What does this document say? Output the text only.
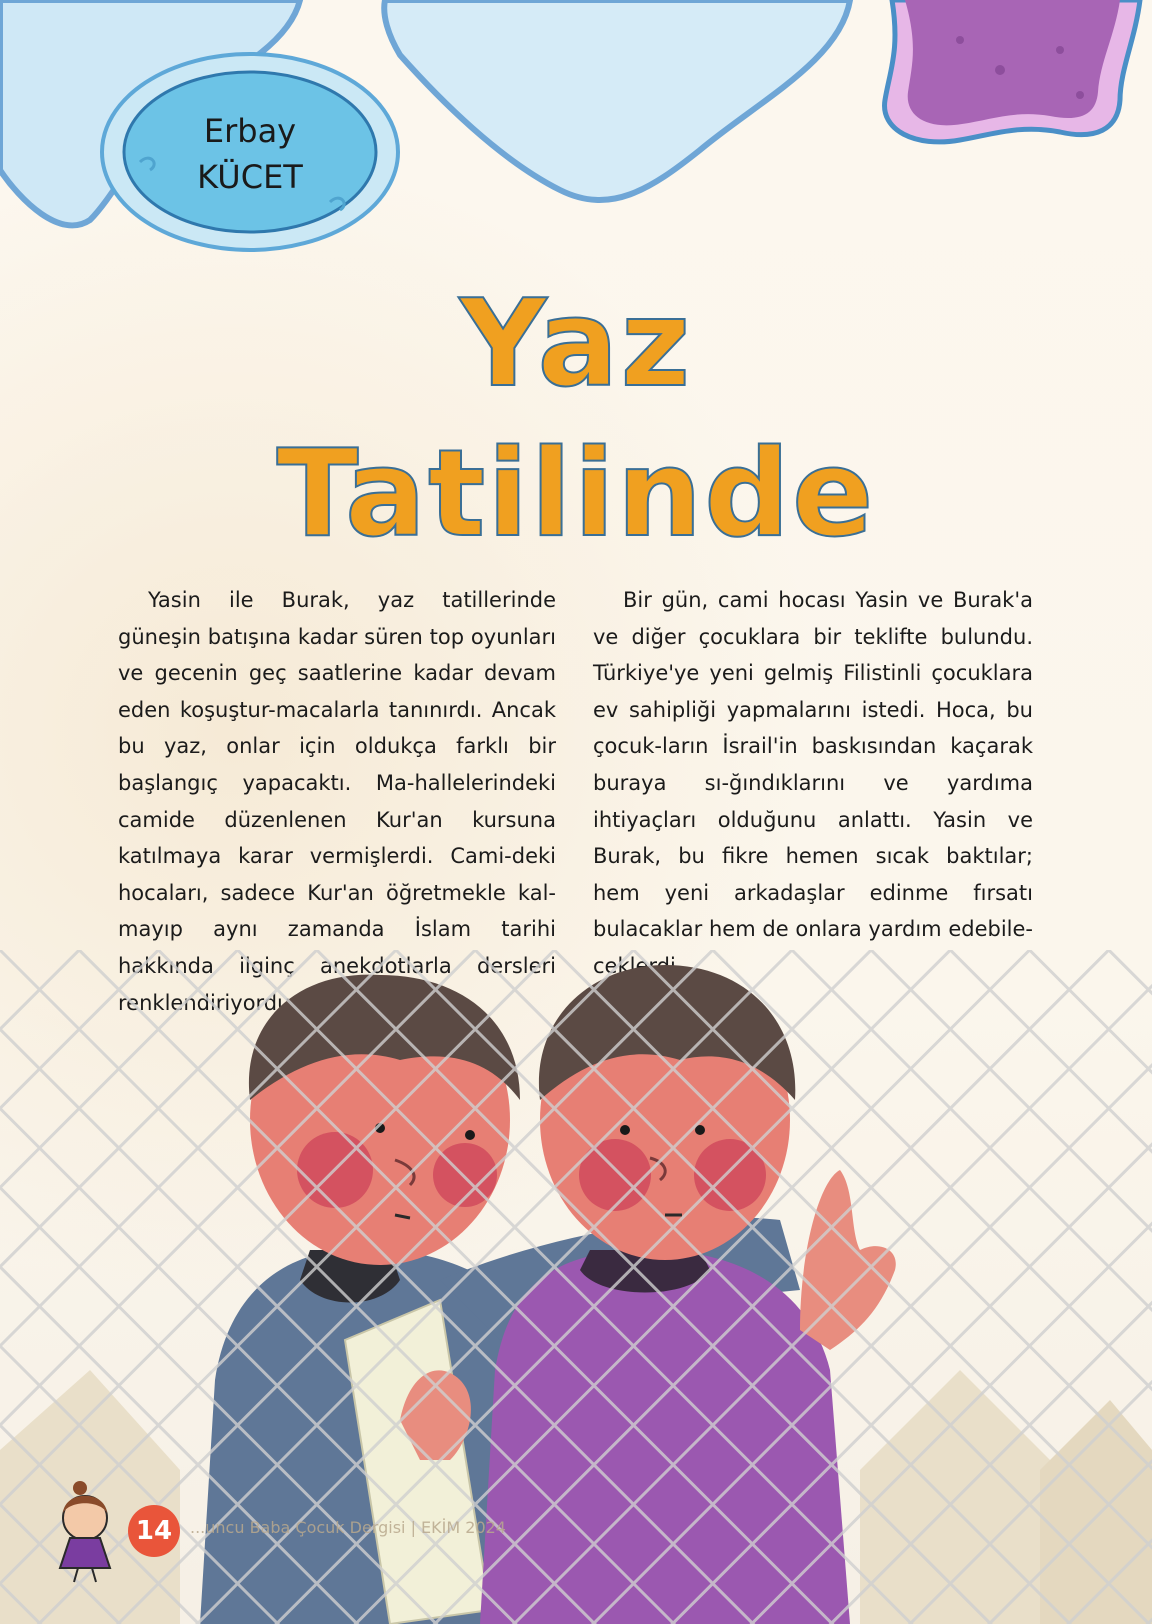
Erbay
KÜCET
Yaz
Tatilinde

Yasin ile Burak, yaz tatillerinde güneşin batışına kadar süren top oyunları ve gecenin geç saatlerine kadar devam eden koşuştur-macalarla tanınırdı. Ancak bu yaz, onlar için oldukça farklı bir başlangıç yapacaktı. Ma-hallelerindeki camide düzenlenen Kur'an kursuna katılmaya karar vermişlerdi. Cami-deki hocaları, sadece Kur'an öğretmekle kal-mayıp aynı zamanda İslam tarihi

Bir gün, cami hocası Yasin ve Burak'a ve diğer çocuklara bir teklifte bulundu. Türkiye'ye yeni gelmiş Filistinli çocuklara ev sahipliği yapmalarını istedi. Hoca, bu çocuk-ların İsrail'in baskısından kaçarak buraya sı-ğındıklarını ve yardıma ihtiyaçları olduğunu anlattı. Yasin ve Burak, bu fikre hemen sıcak baktılar; hem yeni arkadaşlar edinme fırsatı bulacaklar hem de onlara yardım edebile-

14	...uncu Baba Çocuk Dergisi | EKİM 2024
